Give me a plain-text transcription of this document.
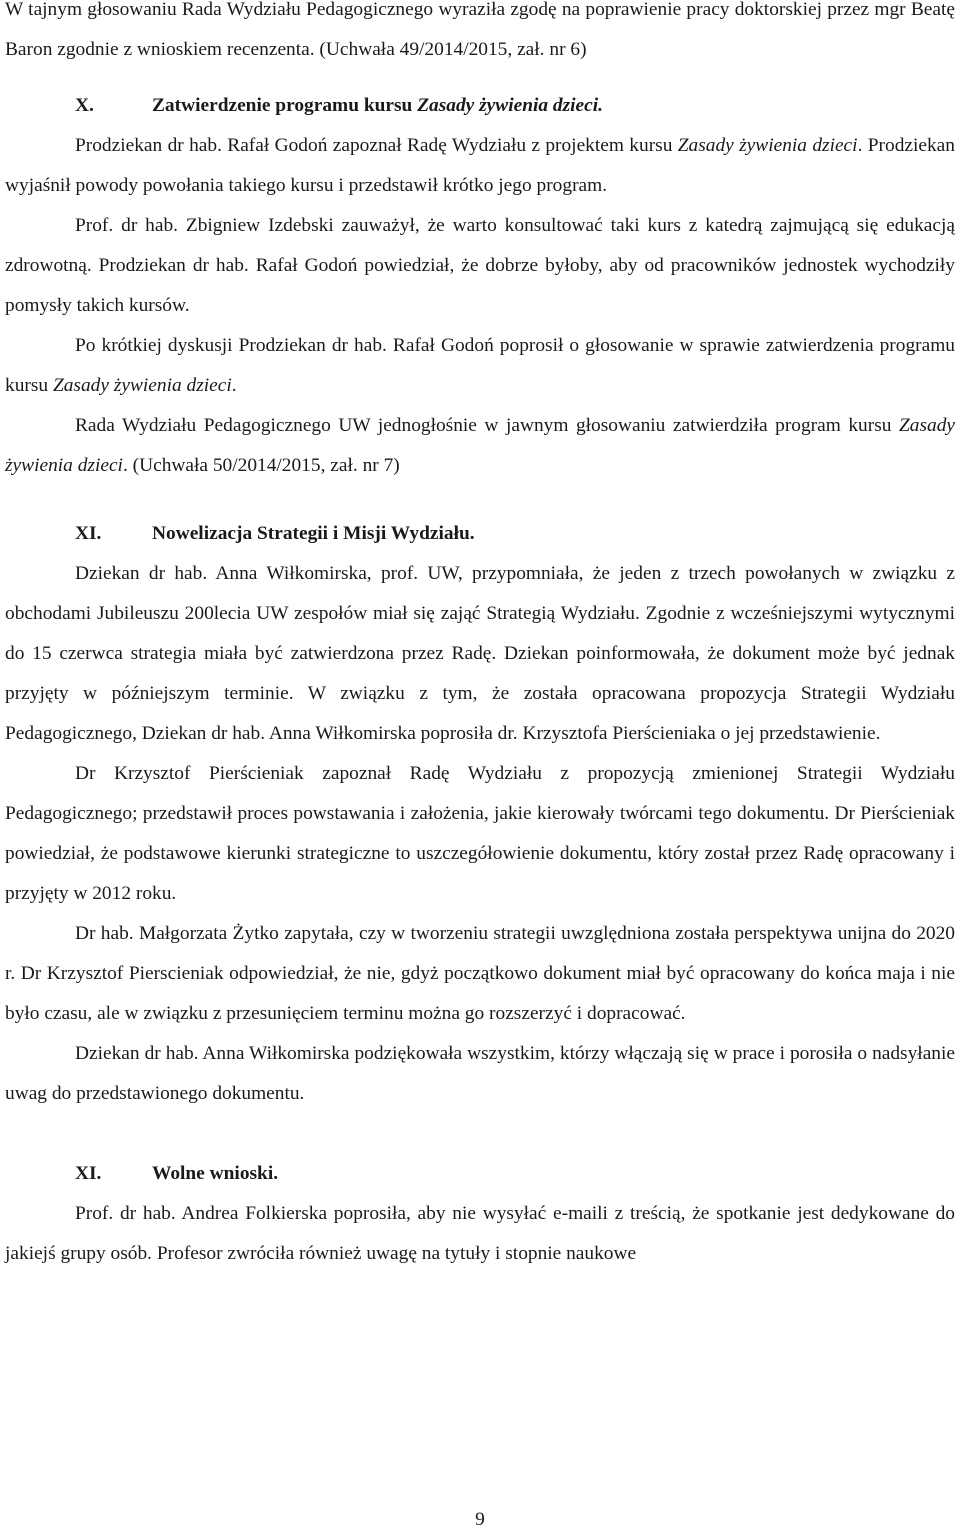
W tajnym głosowaniu Rada Wydziału Pedagogicznego wyraziła zgodę na poprawienie pracy doktorskiej przez mgr Beatę Baron zgodnie z wnioskiem recenzenta. (Uchwała 49/2014/2015, zał. nr 6)

X.	Zatwierdzenie programu kursu Zasady żywienia dzieci.

Prodziekan dr hab. Rafał Godoń zapoznał Radę Wydziału z projektem kursu Zasady żywienia dzieci. Prodziekan wyjaśnił powody powołania takiego kursu i przedstawił krótko jego program.

Prof. dr hab. Zbigniew Izdebski zauważył, że warto konsultować taki kurs z katedrą zajmującą się edukacją zdrowotną. Prodziekan dr hab. Rafał Godoń powiedział, że dobrze byłoby, aby od pracowników jednostek wychodziły pomysły takich kursów.

Po krótkiej dyskusji Prodziekan dr hab. Rafał Godoń poprosił o głosowanie w sprawie zatwierdzenia programu kursu Zasady żywienia dzieci.

Rada Wydziału Pedagogicznego UW jednogłośnie w jawnym głosowaniu zatwierdziła program kursu Zasady żywienia dzieci. (Uchwała 50/2014/2015, zał. nr 7)

XI.	Nowelizacja Strategii i Misji Wydziału.

Dziekan dr hab. Anna Wiłkomirska, prof. UW, przypomniała, że jeden z trzech powołanych w związku z obchodami Jubileuszu 200lecia UW zespołów miał się zająć Strategią Wydziału. Zgodnie z wcześniejszymi wytycznymi do 15 czerwca strategia miała być zatwierdzona przez Radę. Dziekan poinformowała, że dokument może być jednak przyjęty w późniejszym terminie. W związku z tym, że została opracowana propozycja Strategii Wydziału Pedagogicznego, Dziekan dr hab. Anna Wiłkomirska poprosiła dr. Krzysztofa Pierścieniaka o jej przedstawienie.

Dr Krzysztof Pierścieniak zapoznał Radę Wydziału z propozycją zmienionej Strategii Wydziału Pedagogicznego; przedstawił proces powstawania i założenia, jakie kierowały twórcami tego dokumentu. Dr Pierścieniak powiedział, że podstawowe kierunki strategiczne to uszczegółowienie dokumentu, który został przez Radę opracowany i przyjęty w 2012 roku.

Dr hab. Małgorzata Żytko zapytała, czy w tworzeniu strategii uwzględniona została perspektywa unijna do 2020 r. Dr Krzysztof Pierscieniak odpowiedział, że nie, gdyż początkowo dokument miał być opracowany do końca maja i nie było czasu, ale w związku z przesunięciem terminu można go rozszerzyć i dopracować.

Dziekan dr hab. Anna Wiłkomirska podziękowała wszystkim, którzy włączają się w prace i porosiła o nadsyłanie uwag do przedstawionego dokumentu.

XI.	Wolne wnioski.

Prof. dr hab. Andrea Folkierska poprosiła, aby nie wysyłać e-maili z treścią, że spotkanie jest dedykowane do jakiejś grupy osób. Profesor zwróciła również uwagę na tytuły i stopnie naukowe

9
